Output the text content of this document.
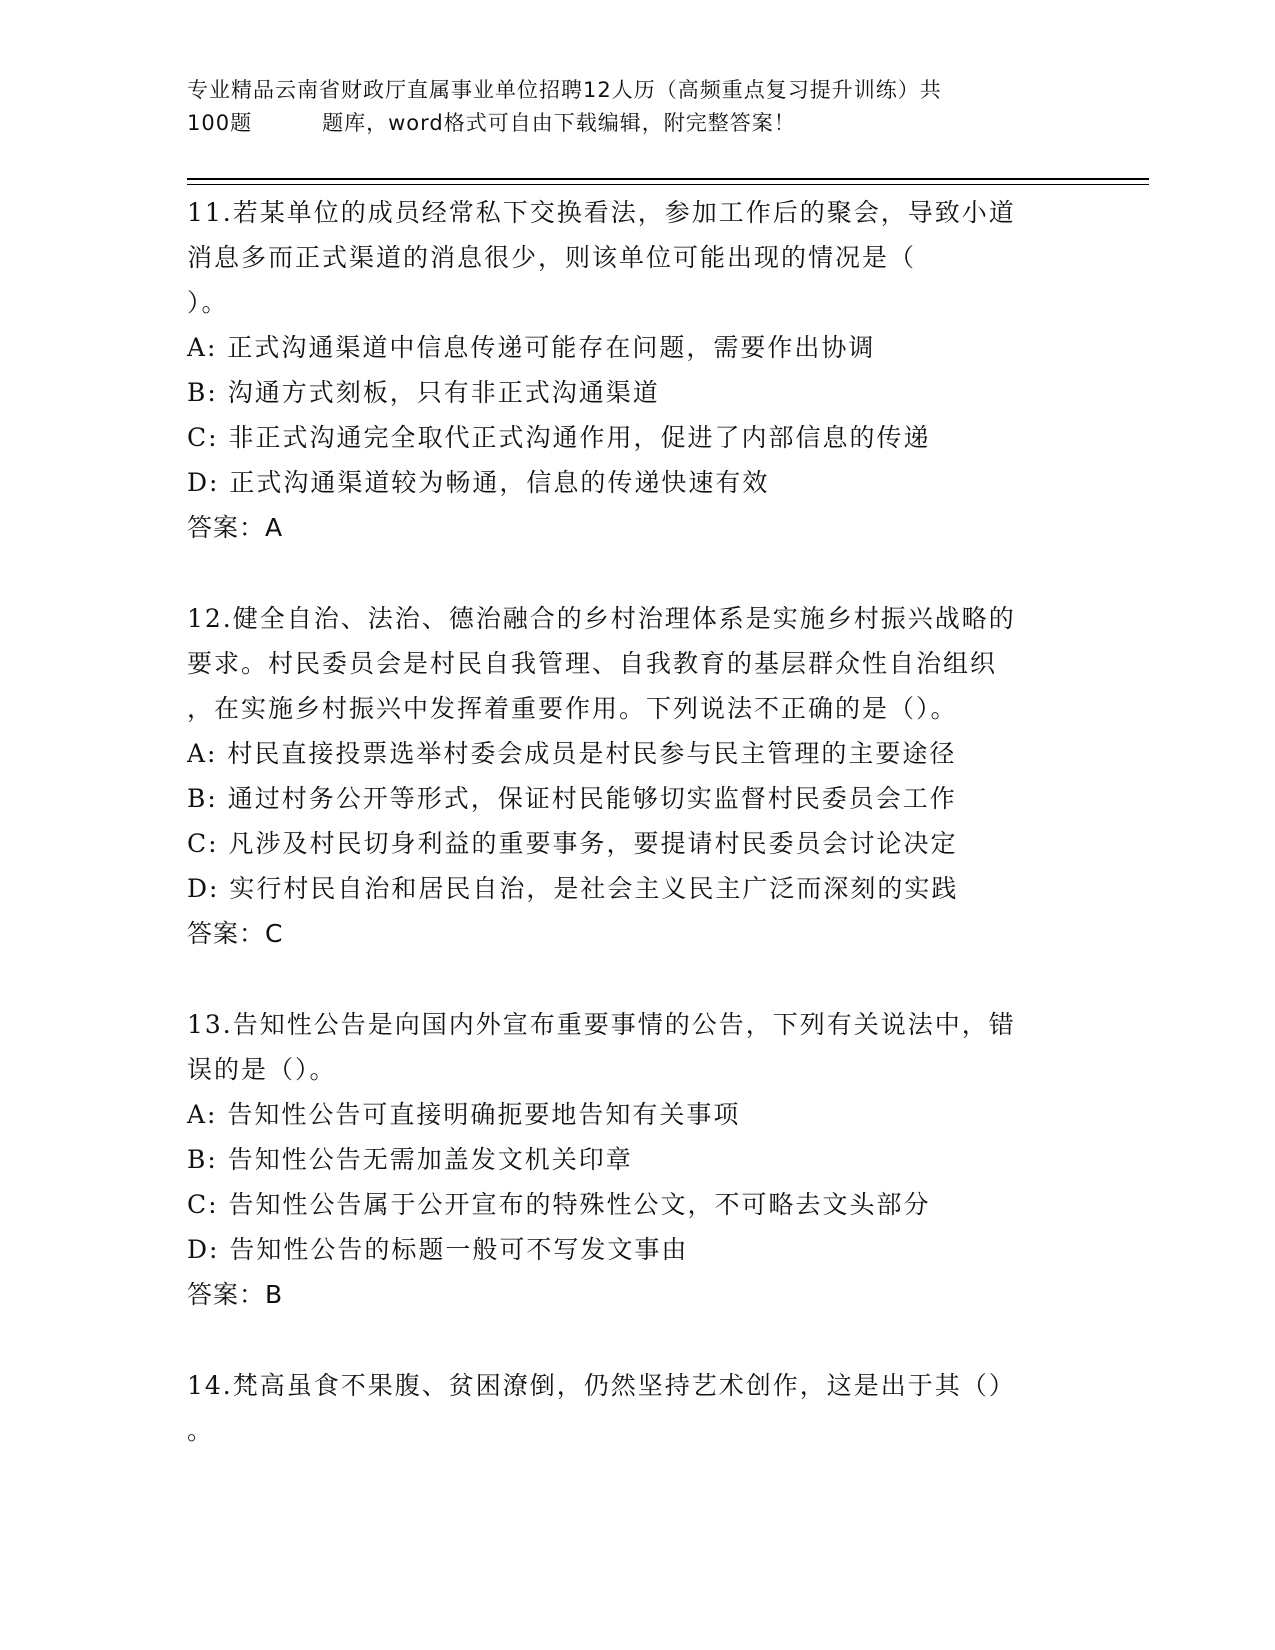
专业精品云南省财政厅直属事业单位招聘12人历（高频重点复习提升训练）共
100题	题库，word格式可自由下载编辑，附完整答案！
11.若某单位的成员经常私下交换看法，参加工作后的聚会，导致小道
消息多而正式渠道的消息很少，则该单位可能出现的情况是（
）。
A: 正式沟通渠道中信息传递可能存在问题，需要作出协调
B: 沟通方式刻板，只有非正式沟通渠道
C: 非正式沟通完全取代正式沟通作用，促进了内部信息的传递
D: 正式沟通渠道较为畅通，信息的传递快速有效
答案：A
12.健全自治、法治、德治融合的乡村治理体系是实施乡村振兴战略的
要求。村民委员会是村民自我管理、自我教育的基层群众性自治组织
，在实施乡村振兴中发挥着重要作用。下列说法不正确的是（）。
A: 村民直接投票选举村委会成员是村民参与民主管理的主要途径
B: 通过村务公开等形式，保证村民能够切实监督村民委员会工作
C: 凡涉及村民切身利益的重要事务，要提请村民委员会讨论决定
D: 实行村民自治和居民自治，是社会主义民主广泛而深刻的实践
答案：C
13.告知性公告是向国内外宣布重要事情的公告，下列有关说法中，错
误的是（）。
A: 告知性公告可直接明确扼要地告知有关事项
B: 告知性公告无需加盖发文机关印章
C: 告知性公告属于公开宣布的特殊性公文，不可略去文头部分
D: 告知性公告的标题一般可不写发文事由
答案：B
14.梵高虽食不果腹、贫困潦倒，仍然坚持艺术创作，这是出于其（）
。
